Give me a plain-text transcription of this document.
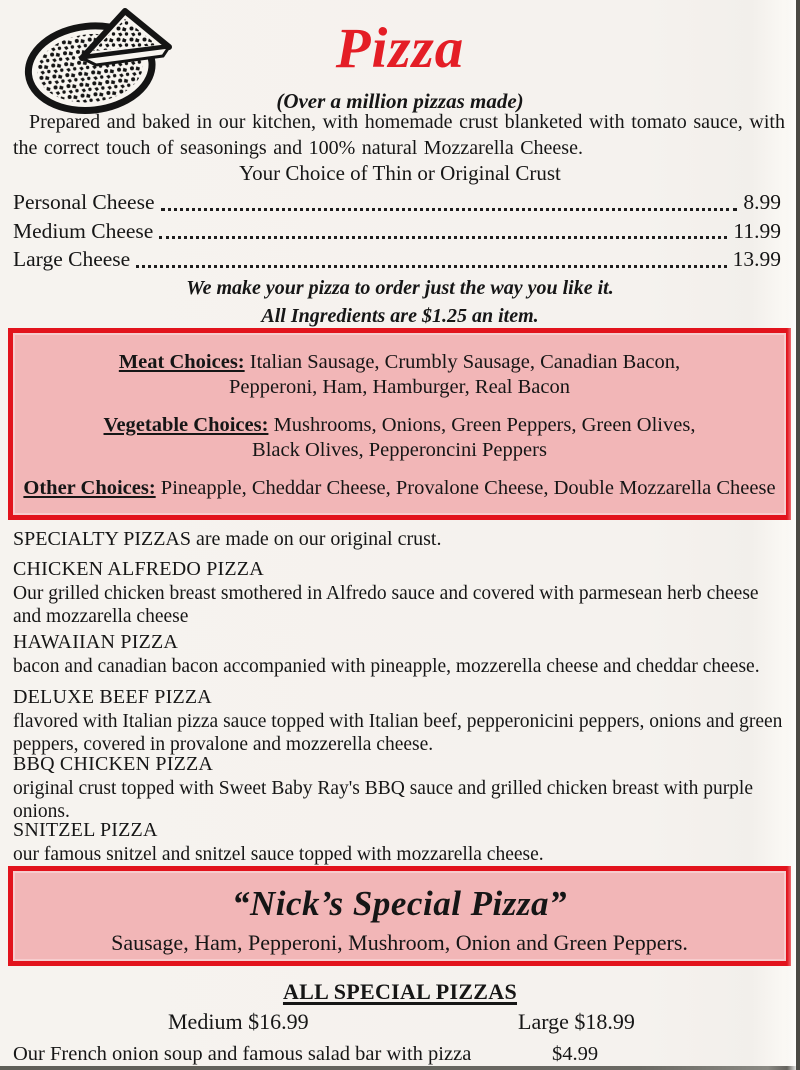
Pizza
(Over a million pizzas made)

Prepared and baked in our kitchen, with homemade crust blanketed with tomato sauce, with the correct touch of seasonings and 100% natural Mozzarella Cheese.

Your Choice of Thin or Original Crust
Personal Cheese	8.99
Medium Cheese	11.99
Large Cheese	13.99
We make your pizza to order just the way you like it.
All Ingredients are $1.25 an item.
Meat Choices: Italian Sausage, Crumbly Sausage, Canadian Bacon,
Pepperoni, Ham, Hamburger, Real Bacon
Vegetable Choices: Mushrooms, Onions, Green Peppers, Green Olives,
Black Olives, Pepperoncini Peppers
Other Choices: Pineapple, Cheddar Cheese, Provalone Cheese, Double Mozzarella Cheese
SPECIALTY PIZZAS are made on our original crust.
CHICKEN ALFREDO PIZZA
Our grilled chicken breast smothered in Alfredo sauce and covered with parmesean herb cheese and mozzarella cheese
HAWAIIAN PIZZA
bacon and canadian bacon accompanied with pineapple, mozzerella cheese and cheddar cheese.
DELUXE BEEF PIZZA
flavored with Italian pizza sauce topped with Italian beef, pepperonicini peppers, onions and green peppers, covered in provalone and mozzerella cheese.
BBQ CHICKEN PIZZA
original crust topped with Sweet Baby Ray's BBQ sauce and grilled chicken breast with purple onions.
SNITZEL PIZZA
our famous snitzel and snitzel sauce topped with mozzarella cheese.
“Nick’s Special Pizza”
Sausage, Ham, Pepperoni, Mushroom, Onion and Green Peppers.
ALL SPECIAL PIZZAS
Medium $16.99	Large $18.99
Our French onion soup and famous salad bar with pizza	$4.99
